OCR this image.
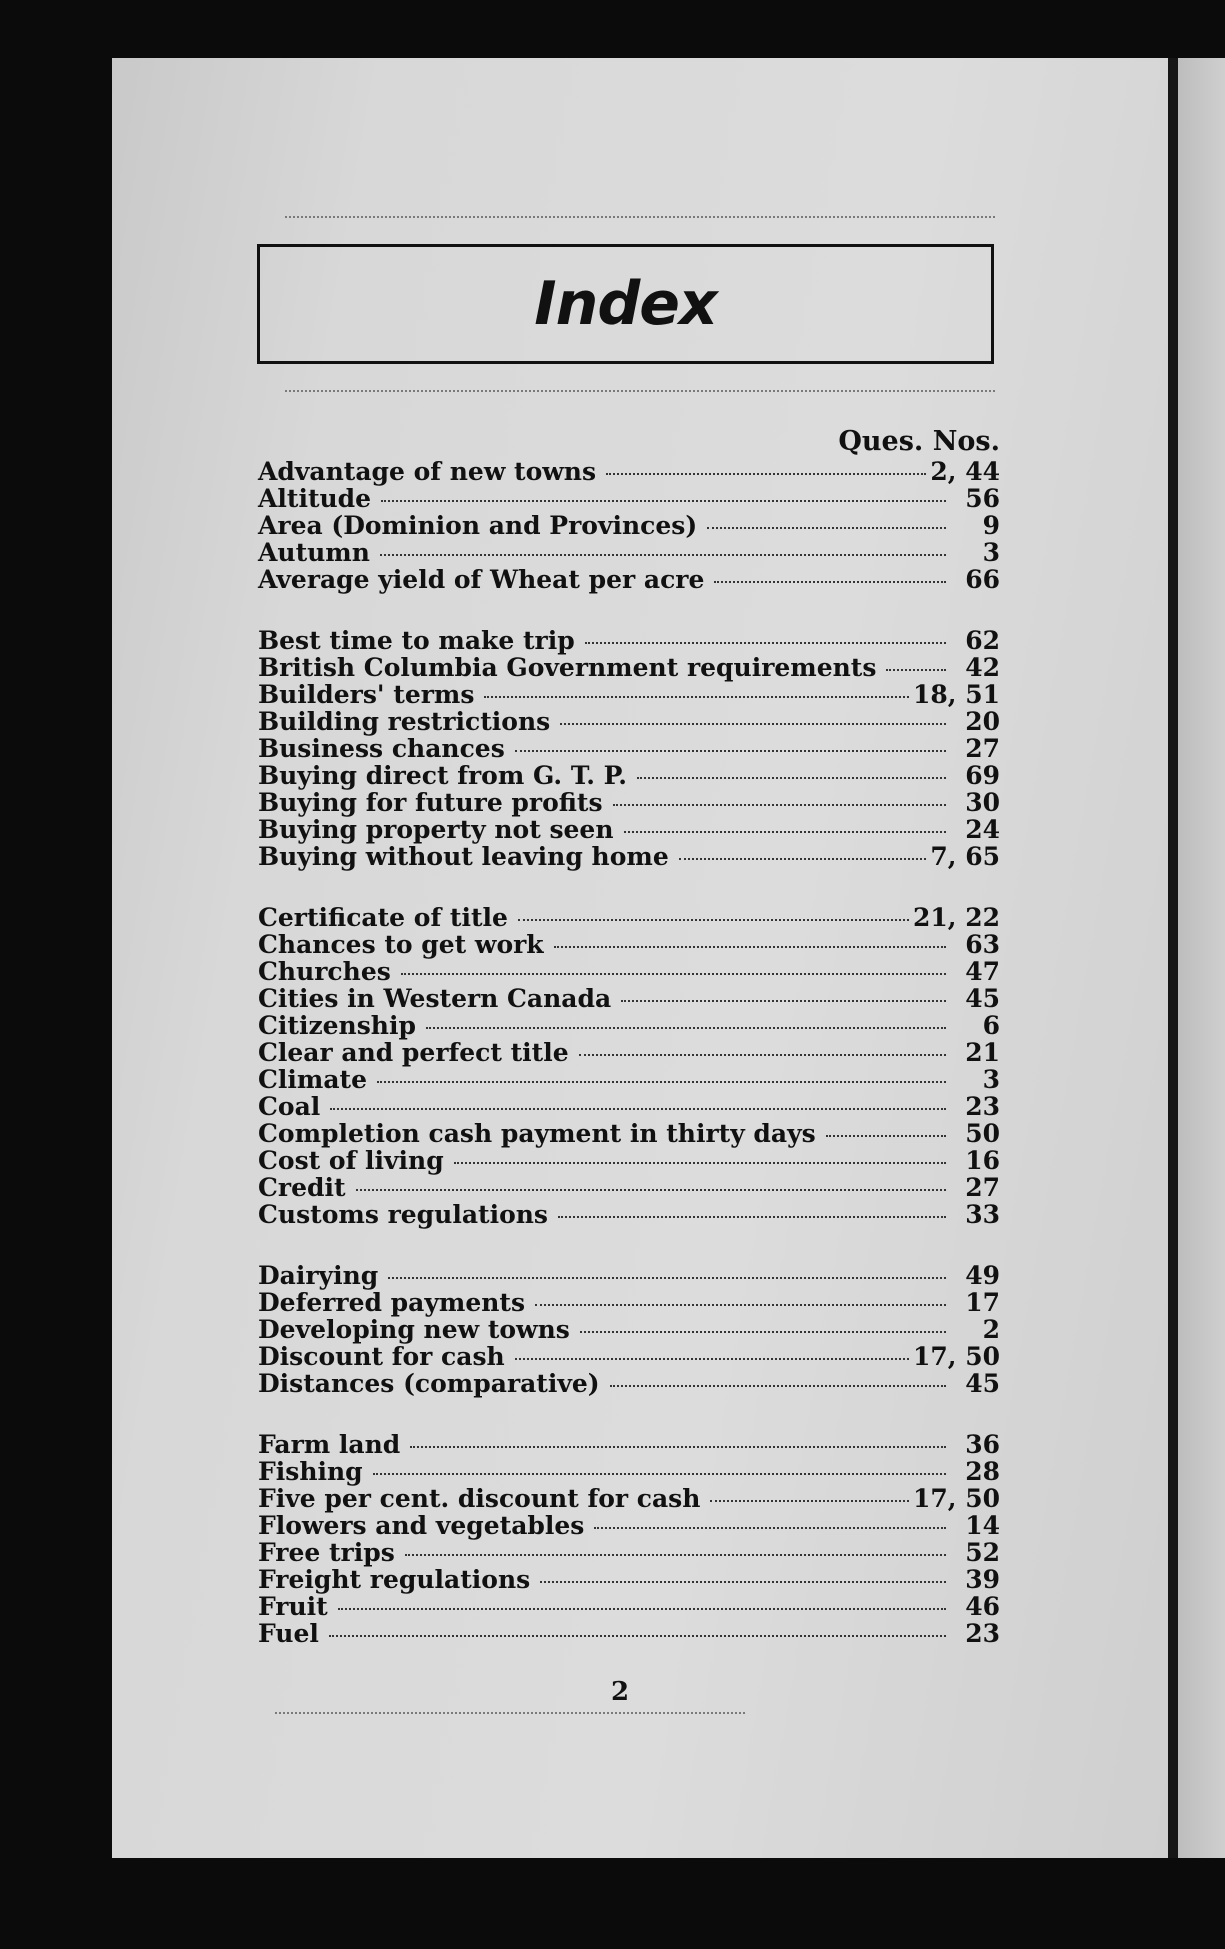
Index
Ques. Nos.
Advantage of new towns	2, 44
Altitude	56
Area (Dominion and Provinces)	9
Autumn	3
Average yield of Wheat per acre	66
Best time to make trip	62
British Columbia Government requirements	42
Builders' terms	18, 51
Building restrictions	20
Business chances	27
Buying direct from G. T. P.	69
Buying for future profits	30
Buying property not seen	24
Buying without leaving home	7, 65
Certificate of title	21, 22
Chances to get work	63
Churches	47
Cities in Western Canada	45
Citizenship	6
Clear and perfect title	21
Climate	3
Coal	23
Completion cash payment in thirty days	50
Cost of living	16
Credit	27
Customs regulations	33
Dairying	49
Deferred payments	17
Developing new towns	2
Discount for cash	17, 50
Distances (comparative)	45
Farm land	36
Fishing	28
Five per cent. discount for cash	17, 50
Flowers and vegetables	14
Free trips	52
Freight regulations	39
Fruit	46
Fuel	23
2
